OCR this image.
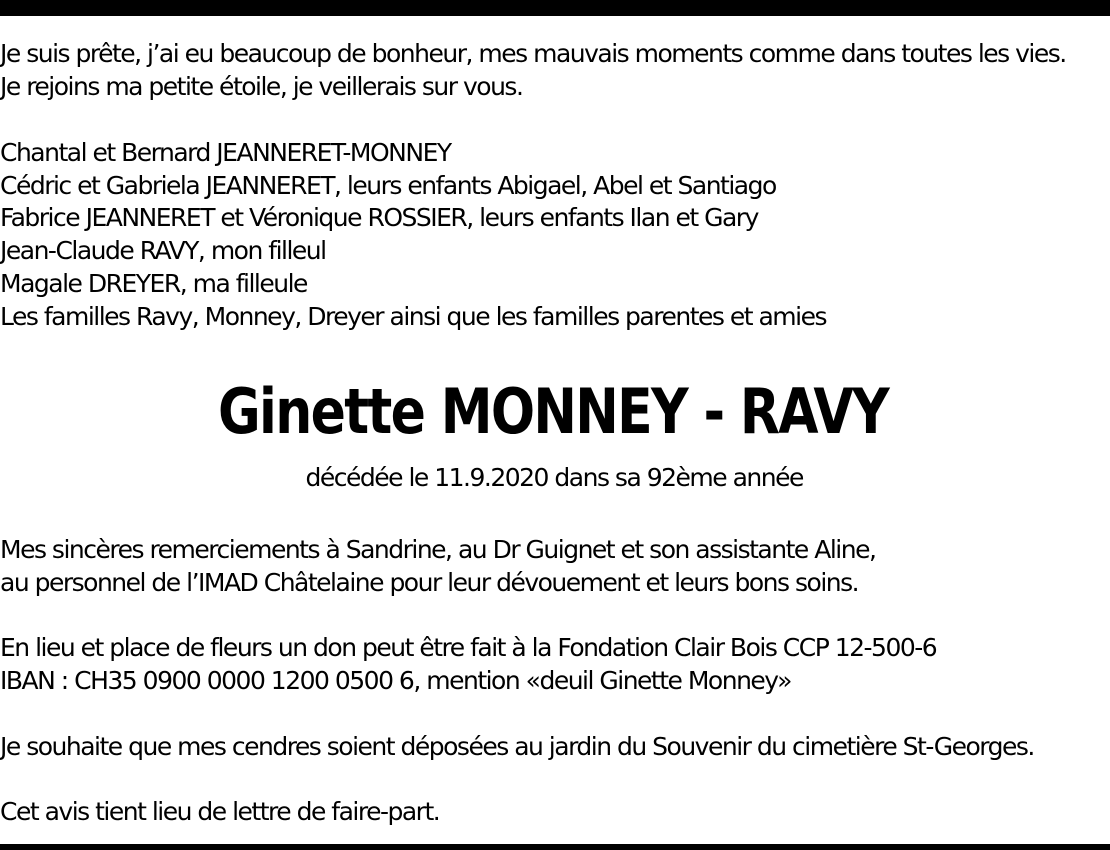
Je suis prête, j’ai eu beaucoup de bonheur, mes mauvais moments comme dans toutes les vies.
Je rejoins ma petite étoile, je veillerais sur vous.
Chantal et Bernard JEANNERET-MONNEY
Cédric et Gabriela JEANNERET, leurs enfants Abigael, Abel et Santiago
Fabrice JEANNERET et Véronique ROSSIER, leurs enfants Ilan et Gary
Jean-Claude RAVY, mon filleul
Magale DREYER, ma filleule
Les familles Ravy, Monney, Dreyer ainsi que les familles parentes et amies
Ginette MONNEY - RAVY
décédée le 11.9.2020 dans sa 92ème année
Mes sincères remerciements à Sandrine, au Dr Guignet et son assistante Aline,
au personnel de l’IMAD Châtelaine pour leur dévouement et leurs bons soins.
En lieu et place de fleurs un don peut être fait à la Fondation Clair Bois CCP 12-500-6
IBAN : CH35 0900 0000 1200 0500 6, mention «deuil Ginette Monney»
Je souhaite que mes cendres soient déposées au jardin du Souvenir du cimetière St-Georges.
Cet avis tient lieu de lettre de faire-part.
